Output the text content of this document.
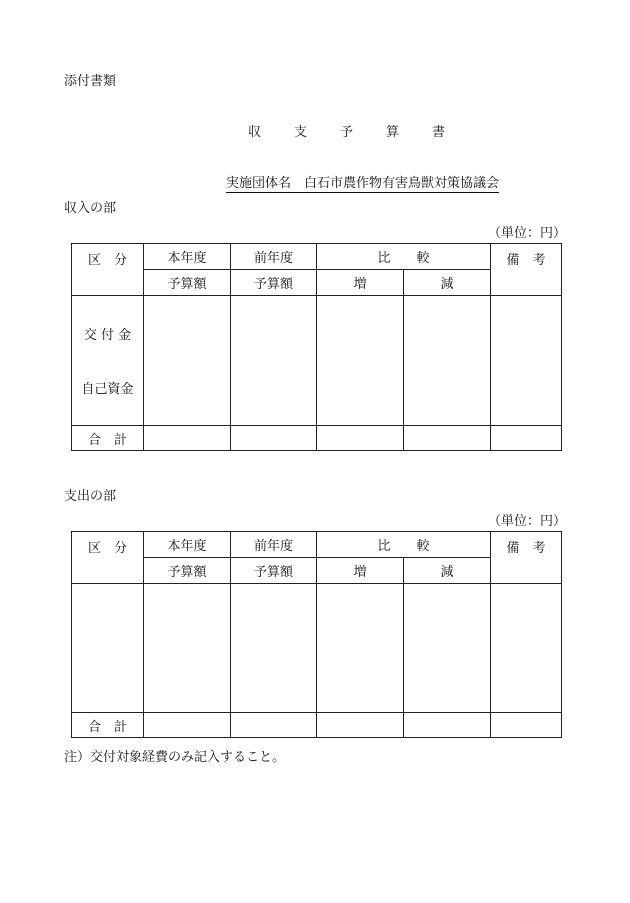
添付書類
収　支　予　算　書
実施団体名　白石市農作物有害鳥獣対策協議会
収入の部
（単位：円）
区　分	本年度	前年度	比　　較		備　考
	予算額	予算額	増	減	

交 付 金
自己資金					

合　計					
支出の部
（単位：円）
区　分	本年度	前年度	比　　較		備　考
	予算額	予算額	増	減	

合　計					
注）交付対象経費のみ記入すること。
